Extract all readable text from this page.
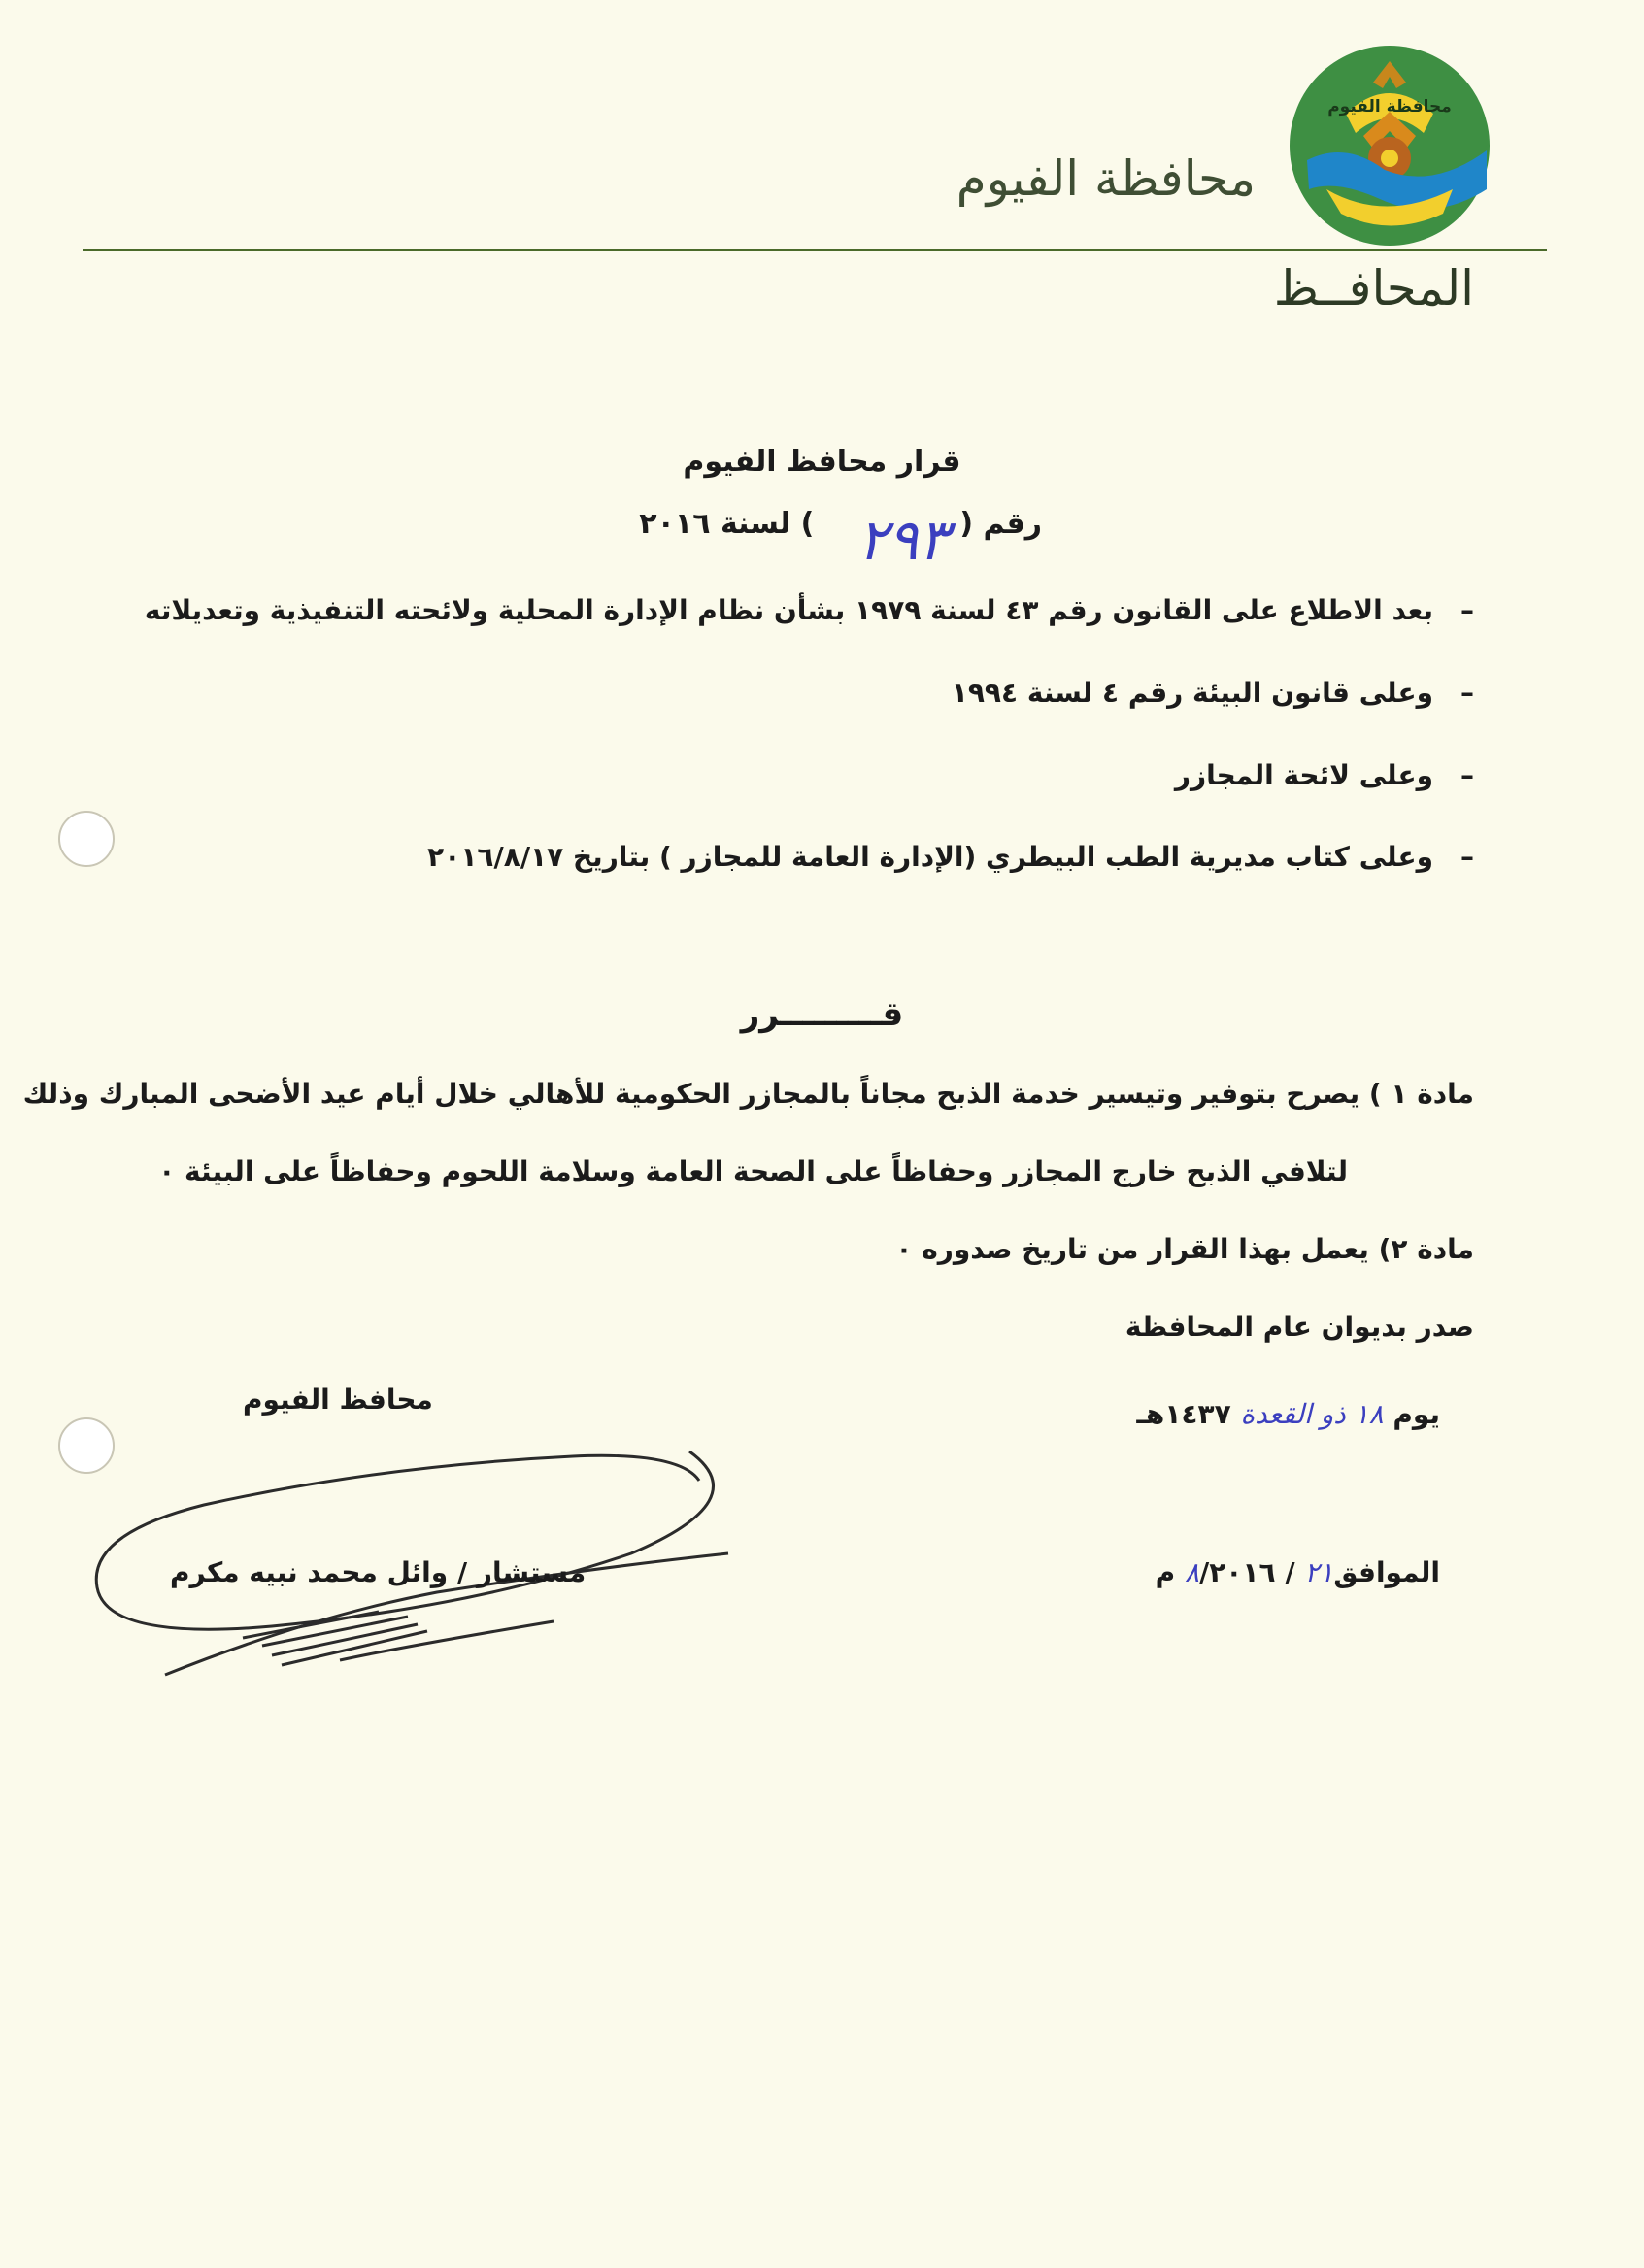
محافظة الفيوم
محافظة الفيوم
المحافــظ
قرار محافظ الفيوم
رقم () لسنة ٢٠١٦ ٢٩٣
–بعد الاطلاع على القانون رقم ٤٣ لسنة ١٩٧٩ بشأن نظام الإدارة المحلية ولائحته التنفيذية وتعديلاته
–وعلى قانون البيئة رقم ٤ لسنة ١٩٩٤
–وعلى لائحة المجازر
–وعلى كتاب مديرية الطب البيطري (الإدارة العامة للمجازر ) بتاريخ ٢٠١٦/٨/١٧
قـــــــــرر
مادة ١ ) يصرح بتوفير وتيسير خدمة الذبح مجاناً بالمجازر الحكومية للأهالي خلال أيام عيد الأضحى المبارك وذلك
لتلافي الذبح خارج المجازر وحفاظاً على الصحة العامة وسلامة اللحوم وحفاظاً على البيئة ٠
مادة ٢) يعمل بهذا القرار من تاريخ صدوره ٠
صدر بديوان عام المحافظة
يوم ١٨ ذو القعدة ١٤٣٧هـ
الموافق٢١ / ٨/٢٠١٦ م
محافظ الفيوم
مستشار / وائل محمد نبيه مكرم
